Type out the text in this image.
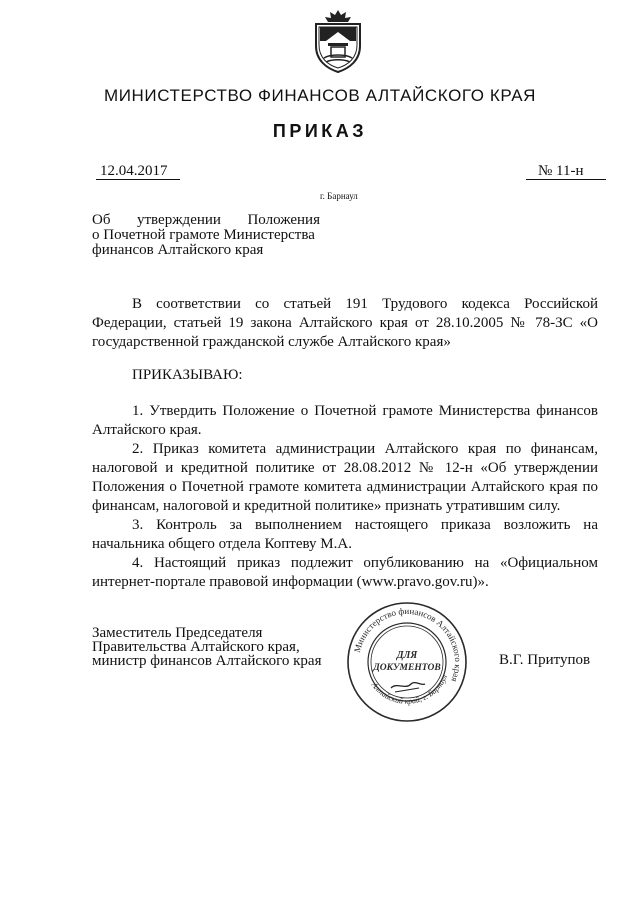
МИНИСТЕРСТВО ФИНАНСОВ АЛТАЙСКОГО КРАЯ
ПРИКАЗ
12.04.2017	№ 11-н
г. Барнаул
Об утверждении Положения
о Почетной грамоте Министерства
финансов Алтайского края

В соответствии со статьей 191 Трудового кодекса Российской Федерации, статьей 19 закона Алтайского края от 28.10.2005 № 78-ЗС «О государственной гражданской службе Алтайского края»

ПРИКАЗЫВАЮ:

1. Утвердить Положение о Почетной грамоте Министерства финансов Алтайского края.

2. Приказ комитета администрации Алтайского края по финансам, налоговой и кредитной политике от 28.08.2012 № 12-н «Об утверждении Положения о Почетной грамоте комитета администрации Алтайского края по финансам, налоговой и кредитной политике» признать утратившим силу.

3. Контроль за выполнением настоящего приказа возложить на начальника общего отдела Коптеву М.А.

4. Настоящий приказ подлежит опубликованию на «Официальном интернет-портале правовой информации (www.pravo.gov.ru)».

Заместитель Председателя
Правительства Алтайского края,
министр финансов Алтайского края
Министерство финансов Алтайского края
Алтайский край, г. Барнаул
ДЛЯ
ДОКУМЕНТОВ	В.Г. Притупов
